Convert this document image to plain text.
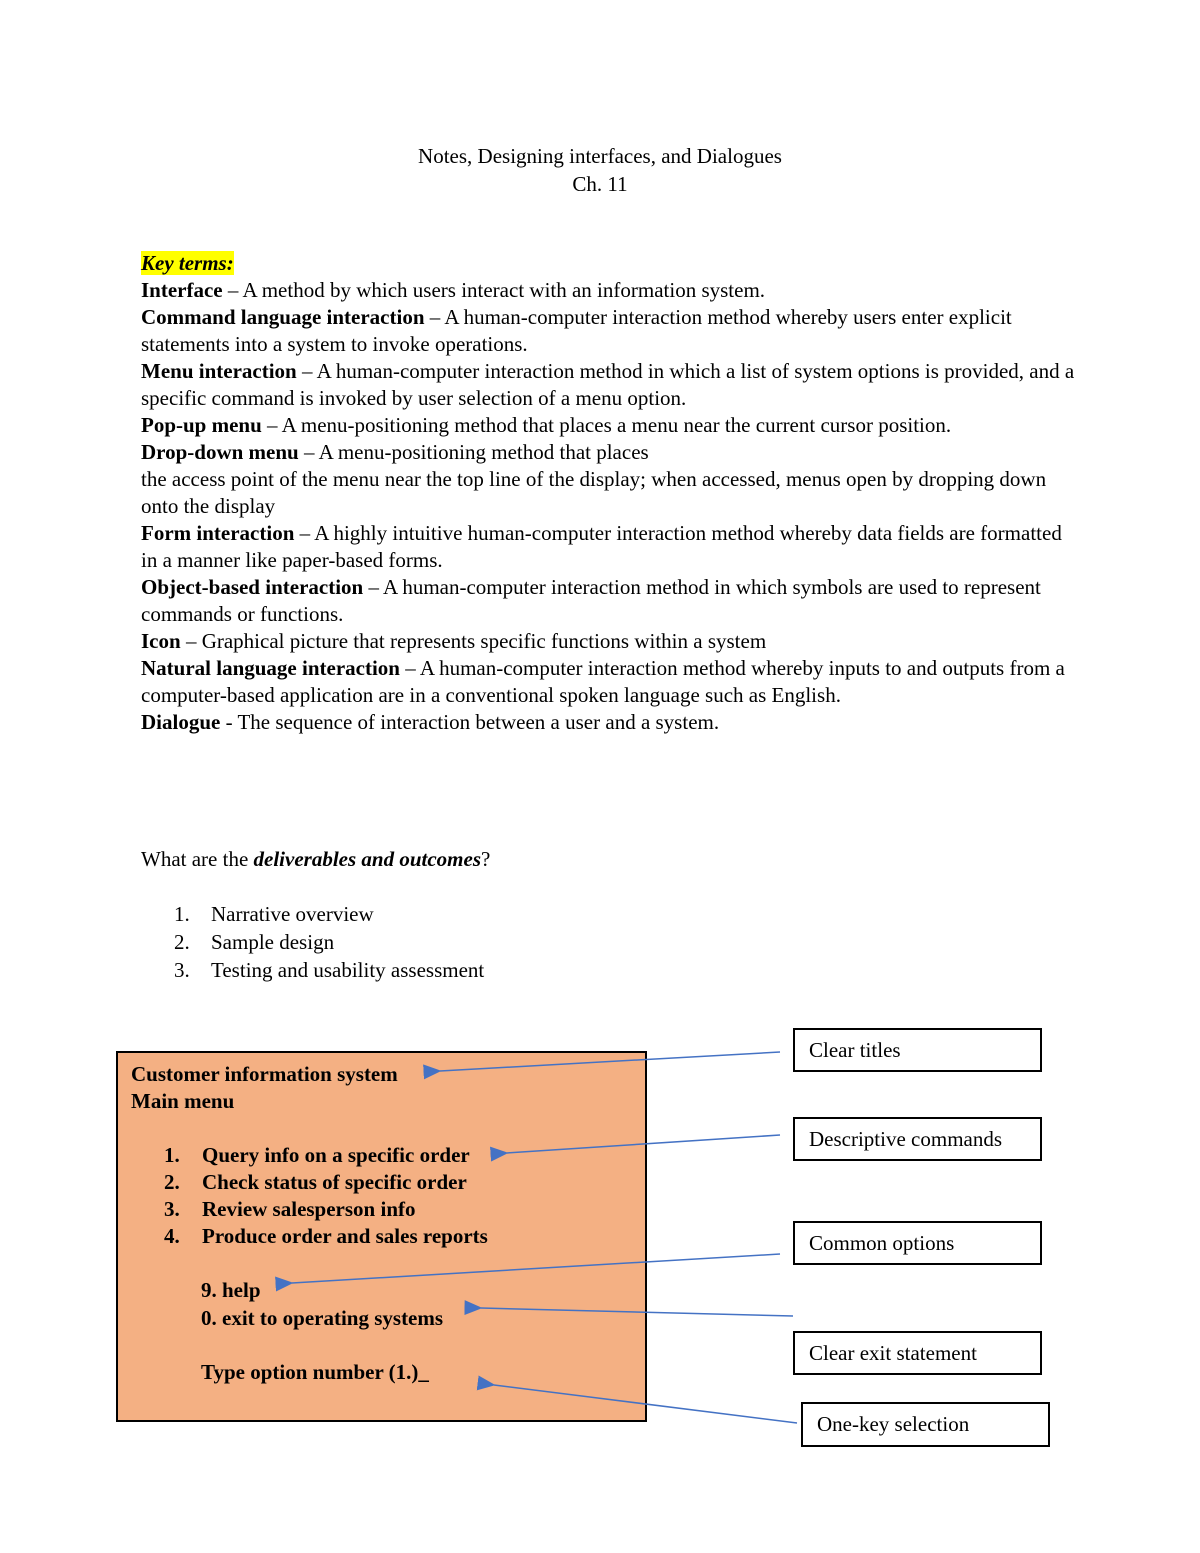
Notes, Designing interfaces, and Dialogues
Ch. 11

Key terms:

Interface – A method by which users interact with an information system.

Command language interaction – A human-computer interaction method whereby users enter explicit statements into a system to invoke operations.

Menu interaction – A human-computer interaction method in which a list of system options is provided, and a specific command is invoked by user selection of a menu option.

Pop-up menu – A menu-positioning method that places a menu near the current cursor position.

Drop-down menu – A menu-positioning method that places

the access point of the menu near the top line of the display; when accessed, menus open by dropping down onto the display

Form interaction – A highly intuitive human-computer interaction method whereby data fields are formatted in a manner like paper-based forms.

Object-based interaction – A human-computer interaction method in which symbols are used to represent commands or functions.

Icon – Graphical picture that represents specific functions within a system

Natural language interaction – A human-computer interaction method whereby inputs to and outputs from a computer-based application are in a conventional spoken language such as English.

Dialogue - The sequence of interaction between a user and a system.

What are the deliverables and outcomes?
1.	Narrative overview
2.	Sample design
3.	Testing and usability assessment
Customer information system
Main menu
1.	Query info on a specific order
2.	Check status of specific order
3.	Review salesperson info
4.	Produce order and sales reports
9. help
0. exit to operating systems
Type option number (1.)_
Clear titles
Descriptive commands
Common options
Clear exit statement
One-key selection
